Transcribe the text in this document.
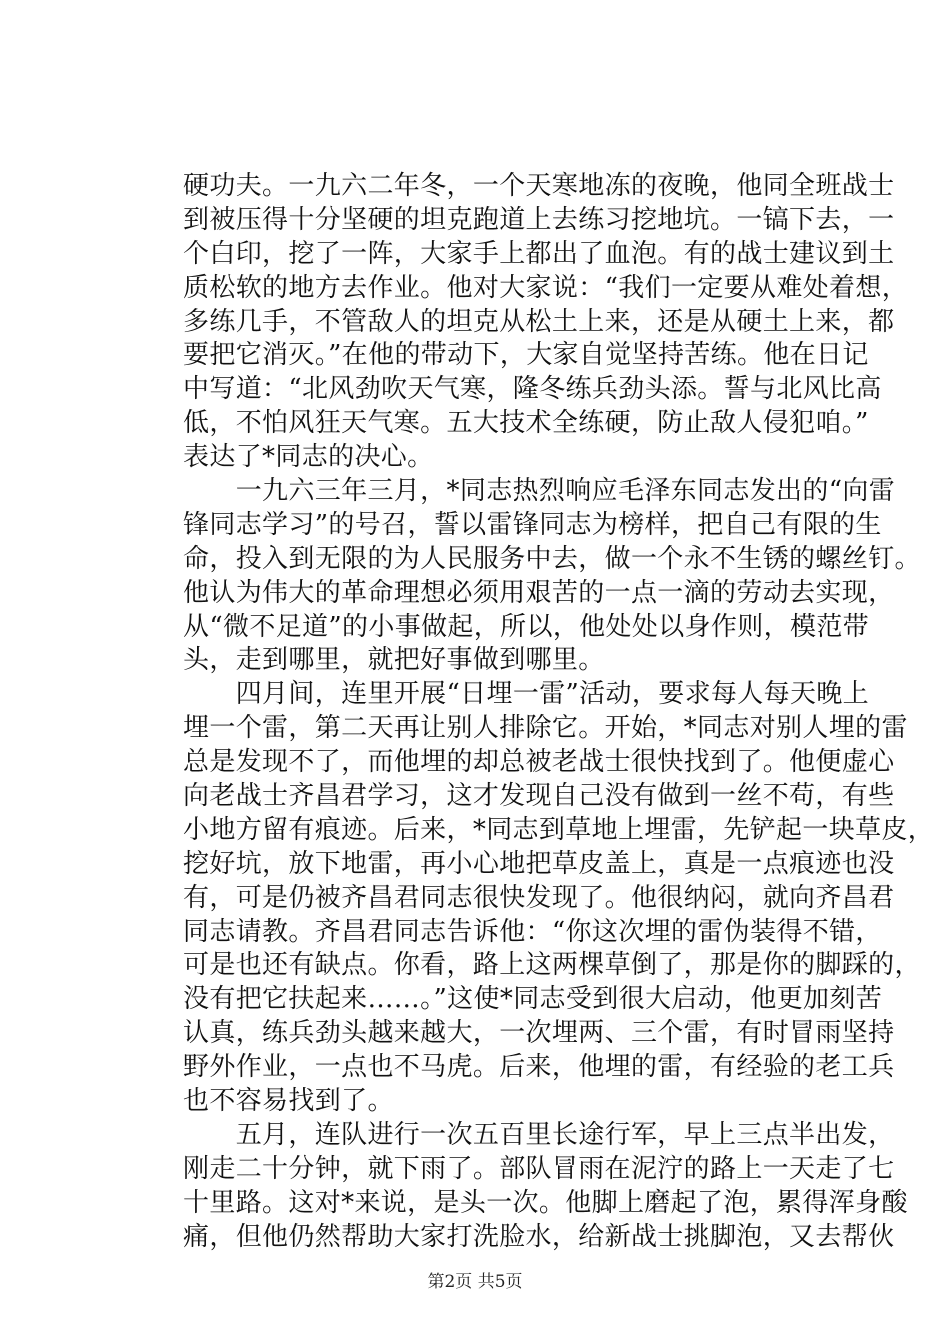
硬功夫。一九六二年冬，一个天寒地冻的夜晚，他同全班战士
到被压得十分坚硬的坦克跑道上去练习挖地坑。一镐下去，一
个白印，挖了一阵，大家手上都出了血泡。有的战士建议到土
质松软的地方去作业。他对大家说：“我们一定要从难处着想，
多练几手，不管敌人的坦克从松土上来，还是从硬土上来，都
要把它消灭。”在他的带动下，大家自觉坚持苦练。他在日记
中写道：“北风劲吹天气寒，隆冬练兵劲头添。誓与北风比高
低，不怕风狂天气寒。五大技术全练硬，防止敌人侵犯咱。”
表达了*同志的决心。
　　一九六三年三月，*同志热烈响应毛泽东同志发出的“向雷
锋同志学习”的号召，誓以雷锋同志为榜样，把自己有限的生
命，投入到无限的为人民服务中去，做一个永不生锈的螺丝钉。
他认为伟大的革命理想必须用艰苦的一点一滴的劳动去实现，
从“微不足道”的小事做起，所以，他处处以身作则，模范带
头，走到哪里，就把好事做到哪里。
　　四月间，连里开展“日埋一雷”活动，要求每人每天晚上
埋一个雷，第二天再让别人排除它。开始，*同志对别人埋的雷
总是发现不了，而他埋的却总被老战士很快找到了。他便虚心
向老战士齐昌君学习，这才发现自己没有做到一丝不苟，有些
小地方留有痕迹。后来，*同志到草地上埋雷，先铲起一块草皮，
挖好坑，放下地雷，再小心地把草皮盖上，真是一点痕迹也没
有，可是仍被齐昌君同志很快发现了。他很纳闷，就向齐昌君
同志请教。齐昌君同志告诉他：“你这次埋的雷伪装得不错，
可是也还有缺点。你看，路上这两棵草倒了，那是你的脚踩的，
没有把它扶起来……。”这使*同志受到很大启动，他更加刻苦
认真，练兵劲头越来越大，一次埋两、三个雷，有时冒雨坚持
野外作业，一点也不马虎。后来，他埋的雷，有经验的老工兵
也不容易找到了。
　　五月，连队进行一次五百里长途行军，早上三点半出发，
刚走二十分钟，就下雨了。部队冒雨在泥泞的路上一天走了七
十里路。这对*来说，是头一次。他脚上磨起了泡，累得浑身酸
痛，但他仍然帮助大家打洗脸水，给新战士挑脚泡，又去帮伙
第2页 共5页
